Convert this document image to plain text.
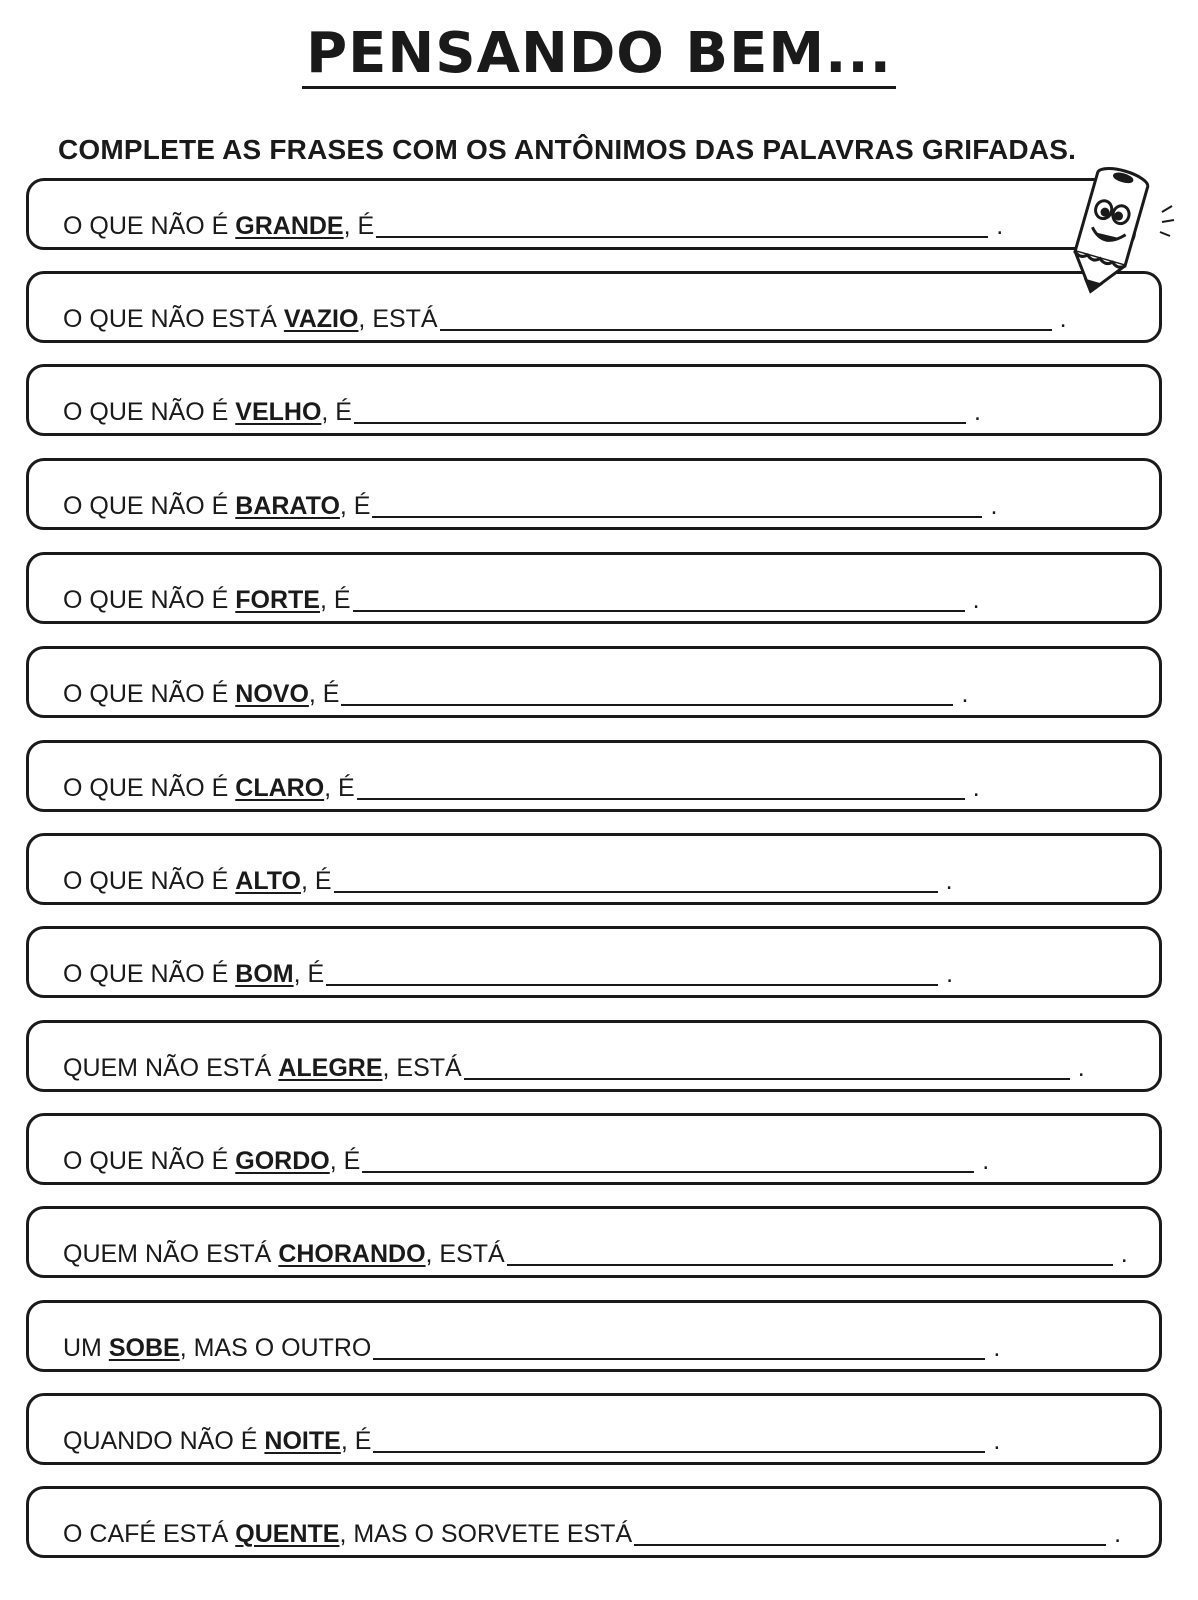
PENSANDO BEM...
COMPLETE AS FRASES COM OS ANTÔNIMOS DAS PALAVRAS GRIFADAS.
O QUE NÃO É GRANDE , É	.
O QUE NÃO ESTÁ VAZIO , ESTÁ	.
O QUE NÃO É VELHO , É	.
O QUE NÃO É BARATO , É	.
O QUE NÃO É FORTE , É	.
O QUE NÃO É NOVO , É	.
O QUE NÃO É CLARO , É	.
O QUE NÃO É ALTO , É	.
O QUE NÃO É BOM , É	.
QUEM NÃO ESTÁ ALEGRE , ESTÁ	.
O QUE NÃO É GORDO , É	.
QUEM NÃO ESTÁ CHORANDO , ESTÁ	.
UM SOBE , MAS O OUTRO	.
QUANDO NÃO É NOITE , É	.
O CAFÉ ESTÁ QUENTE , MAS O SORVETE ESTÁ	.
